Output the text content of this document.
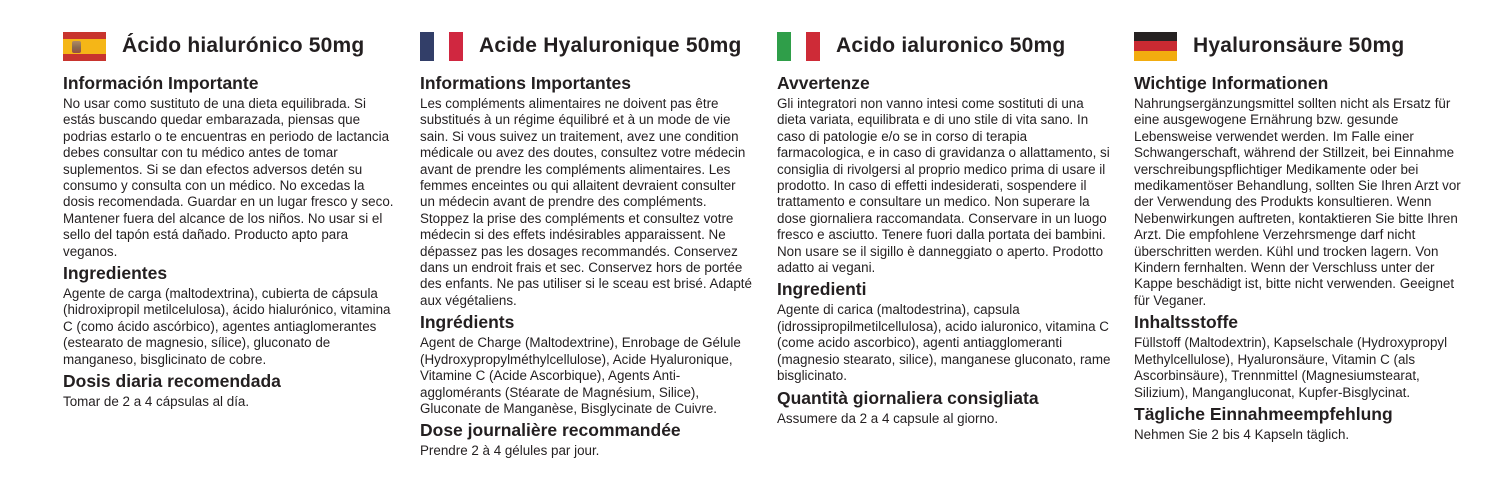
Ácido hialurónico 50mg
Información Importante

No usar como sustituto de una dieta equilibrada. Si estás buscando quedar embarazada, piensas que podrias estarlo o te encuentras en periodo de lactancia debes consultar con tu médico antes de tomar suplementos. Si se dan efectos adversos detén su consumo y consulta con un médico. No excedas la dosis recomendada. Guardar en un lugar fresco y seco. Mantener fuera del alcance de los niños. No usar si el sello del tapón está dañado. Producto apto para veganos.

Ingredientes

Agente de carga (maltodextrina), cubierta de cápsula (hidroxipropil metilcelulosa), ácido hialurónico, vitamina C (como ácido ascórbico), agentes antiaglomerantes (estearato de magnesio, sílice), gluconato de manganeso, bisglicinato de cobre.

Dosis diaria recomendada

Tomar de 2 a 4 cápsulas al día.

Acide Hyaluronique 50mg
Informations Importantes

Les compléments alimentaires ne doivent pas être substitués à un régime équilibré et à un mode de vie sain. Si vous suivez un traitement, avez une condition médicale ou avez des doutes, consultez votre médecin avant de prendre les compléments alimentaires. Les femmes enceintes ou qui allaitent devraient consulter un médecin avant de prendre des compléments. Stoppez la prise des compléments et consultez votre médecin si des effets indésirables apparaissent. Ne dépassez pas les dosages recommandés. Conservez dans un endroit frais et sec. Conservez hors de portée des enfants. Ne pas utiliser si le sceau est brisé. Adapté aux végétaliens.

Ingrédients

Agent de Charge (Maltodextrine), Enrobage de Gélule (Hydroxypropylméthylcellulose), Acide Hyaluronique, Vitamine C (Acide Ascorbique), Agents Anti-agglomérants (Stéarate de Magnésium, Silice), Gluconate de Manganèse, Bisglycinate de Cuivre.

Dose journalière recommandée

Prendre 2 à 4 gélules par jour.

Acido ialuronico 50mg
Avvertenze

Gli integratori non vanno intesi come sostituti di una dieta variata, equilibrata e di uno stile di vita sano. In caso di patologie e/o se in corso di terapia farmacologica, e in caso di gravidanza o allattamento, si consiglia di rivolgersi al proprio medico prima di usare il prodotto. In caso di effetti indesiderati, sospendere il trattamento e consultare un medico. Non superare la dose giornaliera raccomandata. Conservare in un luogo fresco e asciutto. Tenere fuori dalla portata dei bambini. Non usare se il sigillo è danneggiato o aperto. Prodotto adatto ai vegani.

Ingredienti

Agente di carica (maltodestrina), capsula (idrossipropilmetilcellulosa), acido ialuronico, vitamina C (come acido ascorbico), agenti antiagglomeranti (magnesio stearato, silice), manganese gluconato, rame bisglicinato.

Quantità giornaliera consigliata

Assumere da 2 a 4 capsule al giorno.

Hyaluronsäure 50mg
Wichtige Informationen

Nahrungsergänzungsmittel sollten nicht als Ersatz für eine ausgewogene Ernährung bzw. gesunde Lebensweise verwendet werden. Im Falle einer Schwangerschaft, während der Stillzeit, bei Einnahme verschreibungspflichtiger Medikamente oder bei medikamentöser Behandlung, sollten Sie Ihren Arzt vor der Verwendung des Produkts konsultieren. Wenn Nebenwirkungen auftreten, kontaktieren Sie bitte Ihren Arzt. Die empfohlene Verzehrsmenge darf nicht überschritten werden. Kühl und trocken lagern. Von Kindern fernhalten. Wenn der Verschluss unter der Kappe beschädigt ist, bitte nicht verwenden. Geeignet für Veganer.

Inhaltsstoffe

Füllstoff (Maltodextrin), Kapselschale (Hydroxypropyl Methylcellulose), Hyaluronsäure, Vitamin C (als Ascorbinsäure), Trennmittel (Magnesiumstearat, Silizium), Mangangluconat, Kupfer-Bisglycinat.

Tägliche Einnahmeempfehlung

Nehmen Sie 2 bis 4 Kapseln täglich.
